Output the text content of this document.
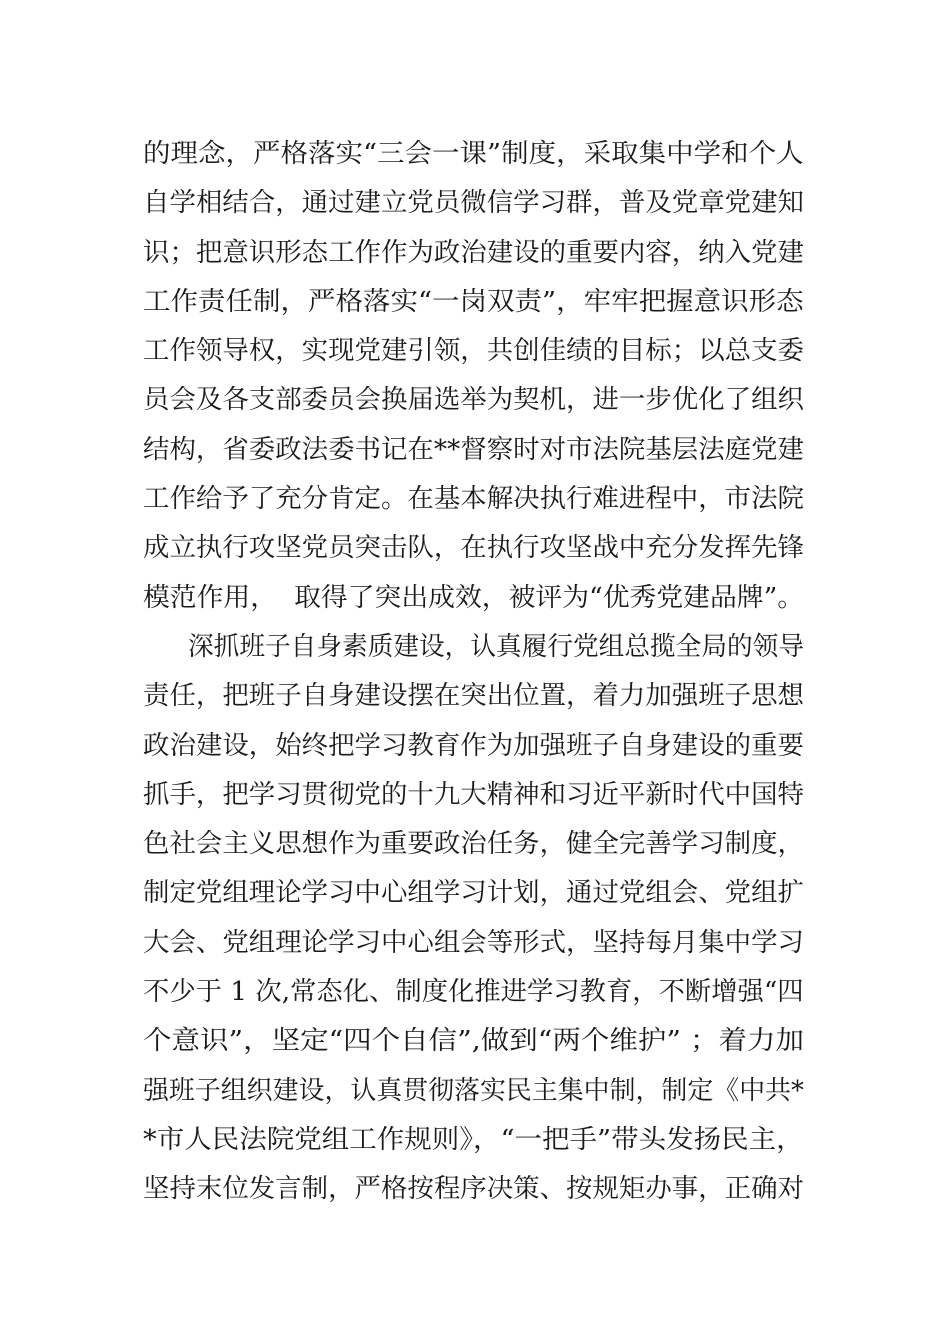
的理念，严格落实“三会一课”制度，采取集中学和个人
自学相结合，通过建立党员微信学习群，普及党章党建知
识；把意识形态工作作为政治建设的重要内容，纳入党建
工作责任制，严格落实“一岗双责”，牢牢把握意识形态
工作领导权，实现党建引领，共创佳绩的目标；以总支委
员会及各支部委员会换届选举为契机，进一步优化了组织
结构，省委政法委书记在**督察时对市法院基层法庭党建
工作给予了充分肯定。在基本解决执行难进程中，市法院
成立执行攻坚党员突击队，在执行攻坚战中充分发挥先锋
模范作用，  取得了突出成效，被评为“优秀党建品牌”。
深抓班子自身素质建设，认真履行党组总揽全局的领导
责任，把班子自身建设摆在突出位置，着力加强班子思想
政治建设，始终把学习教育作为加强班子自身建设的重要
抓手，把学习贯彻党的十九大精神和习近平新时代中国特
色社会主义思想作为重要政治任务，健全完善学习制度，
制定党组理论学习中心组学习计划，通过党组会、党组扩
大会、党组理论学习中心组会等形式，坚持每月集中学习
不少于 1 次,常态化、制度化推进学习教育，不断增强“四
个意识”，坚定“四个自信”,做到“两个维护” ；着力加
强班子组织建设，认真贯彻落实民主集中制，制定《中共*
*市人民法院党组工作规则》，“一把手”带头发扬民主，
坚持末位发言制，严格按程序决策、按规矩办事，正确对
